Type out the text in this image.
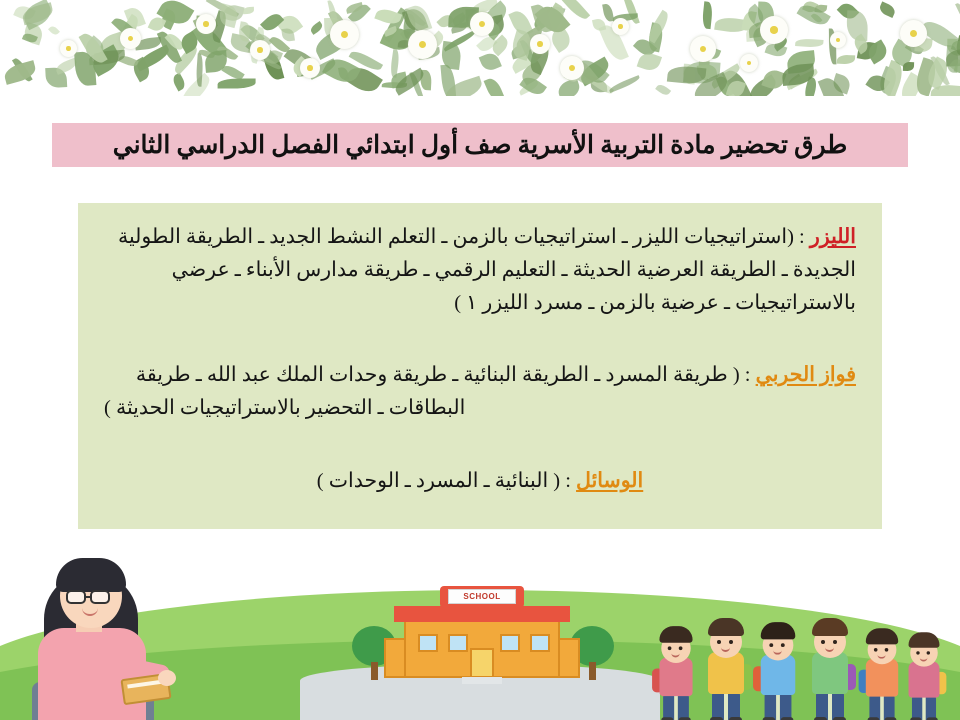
طرق تحضير مادة التربية الأسرية صف أول ابتدائي الفصل الدراسي الثاني

الليزر : (استراتيجيات الليزر ـ استراتيجيات بالزمن ـ التعلم النشط الجديد ـ الطريقة الطولية الجديدة ـ الطريقة العرضية الحديثة ـ التعليم الرقمي ـ طريقة مدارس الأبناء ـ عرضي بالاستراتيجيات ـ عرضية بالزمن ـ مسرد الليزر ١ )

فواز الحربي : ( طريقة المسرد ـ الطريقة البنائية ـ طريقة وحدات الملك عبد الله ـ طريقة البطاقات ـ التحضير بالاستراتيجيات الحديثة )

الوسائل : ( البنائية ـ المسرد ـ الوحدات )

SCHOOL
